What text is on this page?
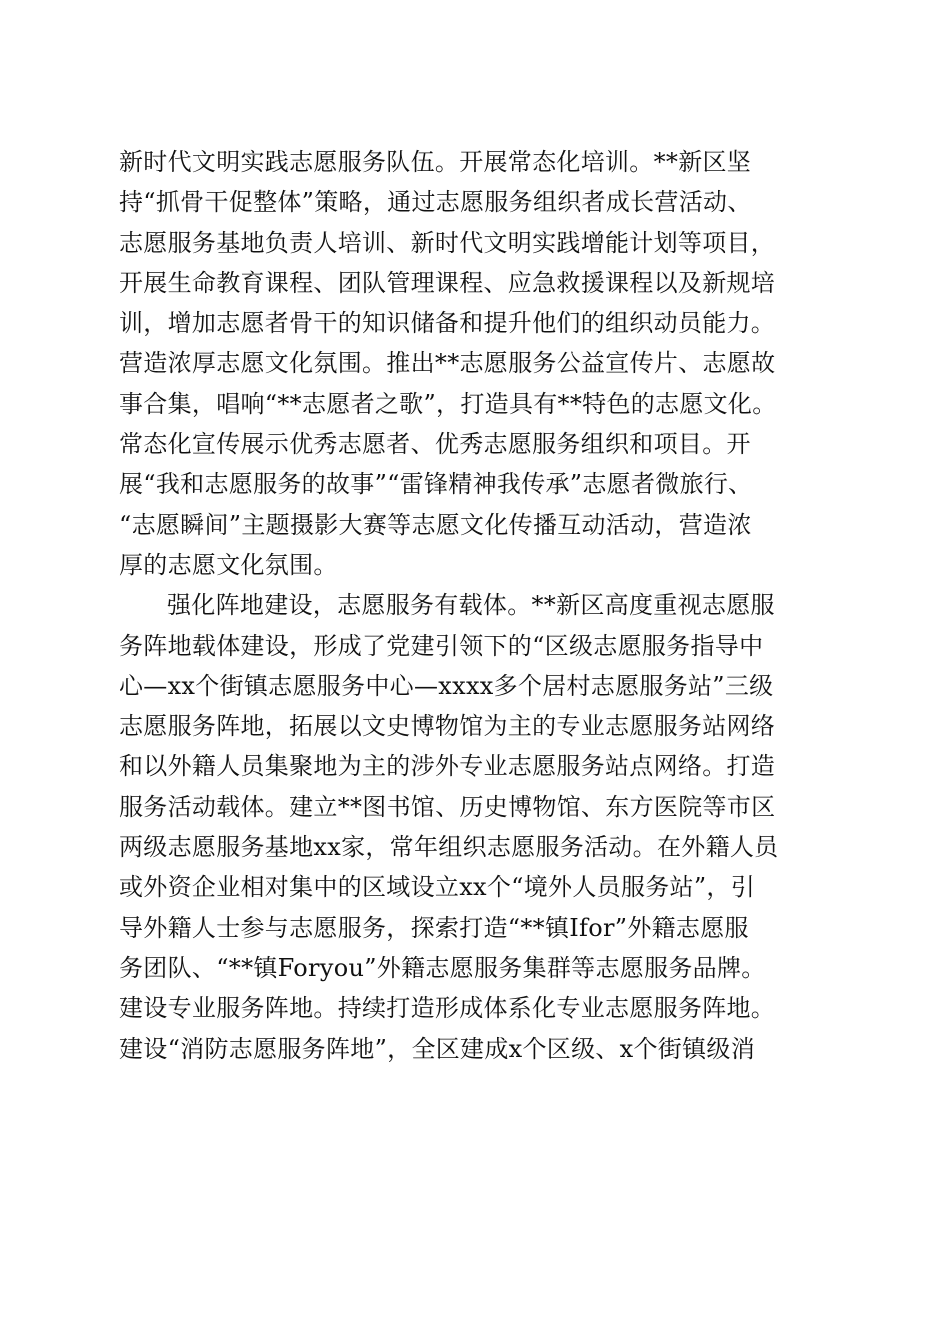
新时代文明实践志愿服务队伍。开展常态化培训。**新区坚
持“抓骨干促整体”策略，通过志愿服务组织者成长营活动、
志愿服务基地负责人培训、新时代文明实践增能计划等项目，
开展生命教育课程、团队管理课程、应急救援课程以及新规培
训，增加志愿者骨干的知识储备和提升他们的组织动员能力。
营造浓厚志愿文化氛围。推出**志愿服务公益宣传片、志愿故
事合集，唱响“**志愿者之歌”，打造具有**特色的志愿文化。
常态化宣传展示优秀志愿者、优秀志愿服务组织和项目。开
展“我和志愿服务的故事”“雷锋精神我传承”志愿者微旅行、
“志愿瞬间”主题摄影大赛等志愿文化传播互动活动，营造浓
厚的志愿文化氛围。
强化阵地建设，志愿服务有载体。**新区高度重视志愿服
务阵地载体建设，形成了党建引领下的“区级志愿服务指导中
心—xx个街镇志愿服务中心—xxxx多个居村志愿服务站”三级
志愿服务阵地，拓展以文史博物馆为主的专业志愿服务站网络
和以外籍人员集聚地为主的涉外专业志愿服务站点网络。打造
服务活动载体。建立**图书馆、历史博物馆、东方医院等市区
两级志愿服务基地xx家，常年组织志愿服务活动。在外籍人员
或外资企业相对集中的区域设立xx个“境外人员服务站”，引
导外籍人士参与志愿服务，探索打造“**镇Ifor”外籍志愿服
务团队、“**镇Foryou”外籍志愿服务集群等志愿服务品牌。
建设专业服务阵地。持续打造形成体系化专业志愿服务阵地。
建设“消防志愿服务阵地”，全区建成x个区级、x个街镇级消
